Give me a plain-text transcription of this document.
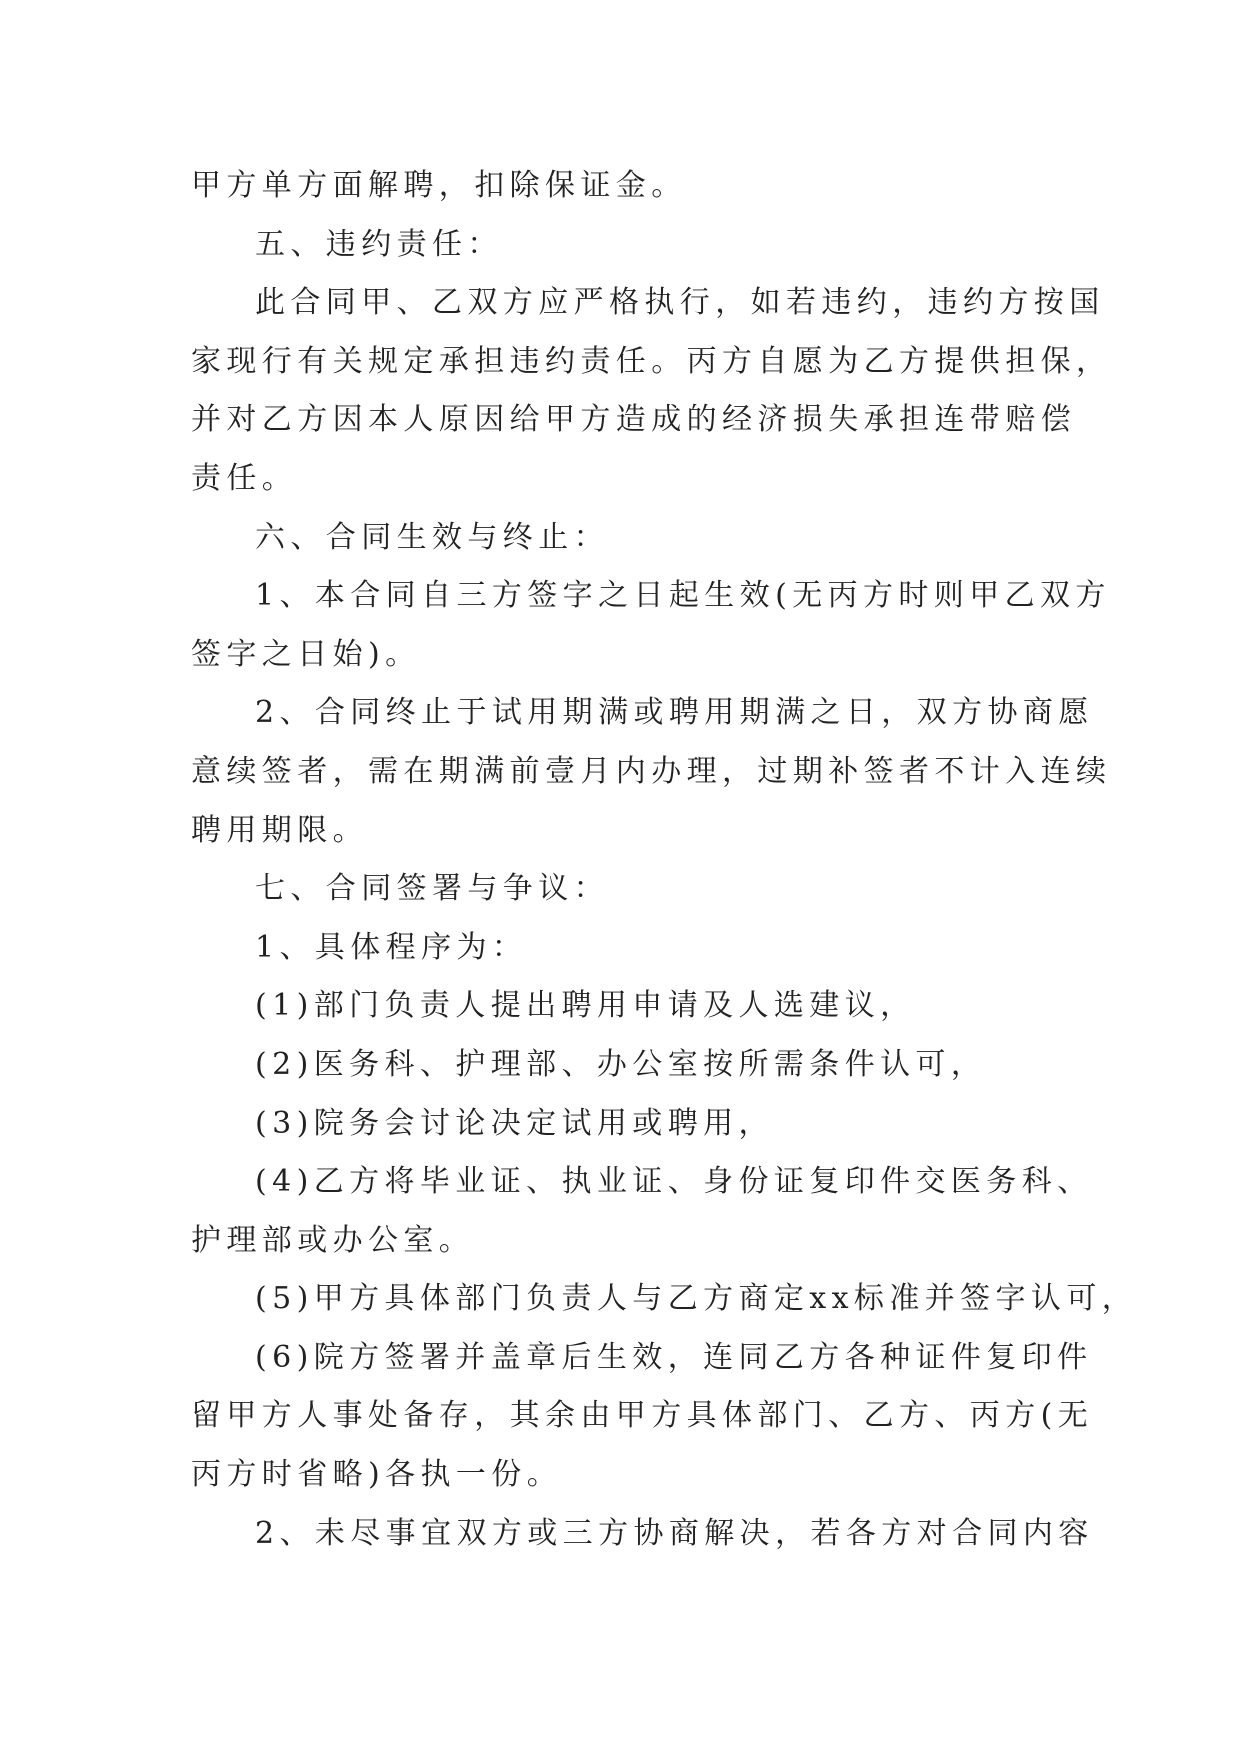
甲方单方面解聘，扣除保证金。
五、违约责任：
此合同甲、乙双方应严格执行，如若违约，违约方按国
家现行有关规定承担违约责任。丙方自愿为乙方提供担保，
并对乙方因本人原因给甲方造成的经济损失承担连带赔偿
责任。
六、合同生效与终止：
1、本合同自三方签字之日起生效(无丙方时则甲乙双方
签字之日始)。
2、合同终止于试用期满或聘用期满之日，双方协商愿
意续签者，需在期满前壹月内办理，过期补签者不计入连续
聘用期限。
七、合同签署与争议：
1、具体程序为：
(1)部门负责人提出聘用申请及人选建议，
(2)医务科、护理部、办公室按所需条件认可，
(3)院务会讨论决定试用或聘用，
(4)乙方将毕业证、执业证、身份证复印件交医务科、
护理部或办公室。
(5)甲方具体部门负责人与乙方商定xx标准并签字认可，
(6)院方签署并盖章后生效，连同乙方各种证件复印件
留甲方人事处备存，其余由甲方具体部门、乙方、丙方(无
丙方时省略)各执一份。
2、未尽事宜双方或三方协商解决，若各方对合同内容
